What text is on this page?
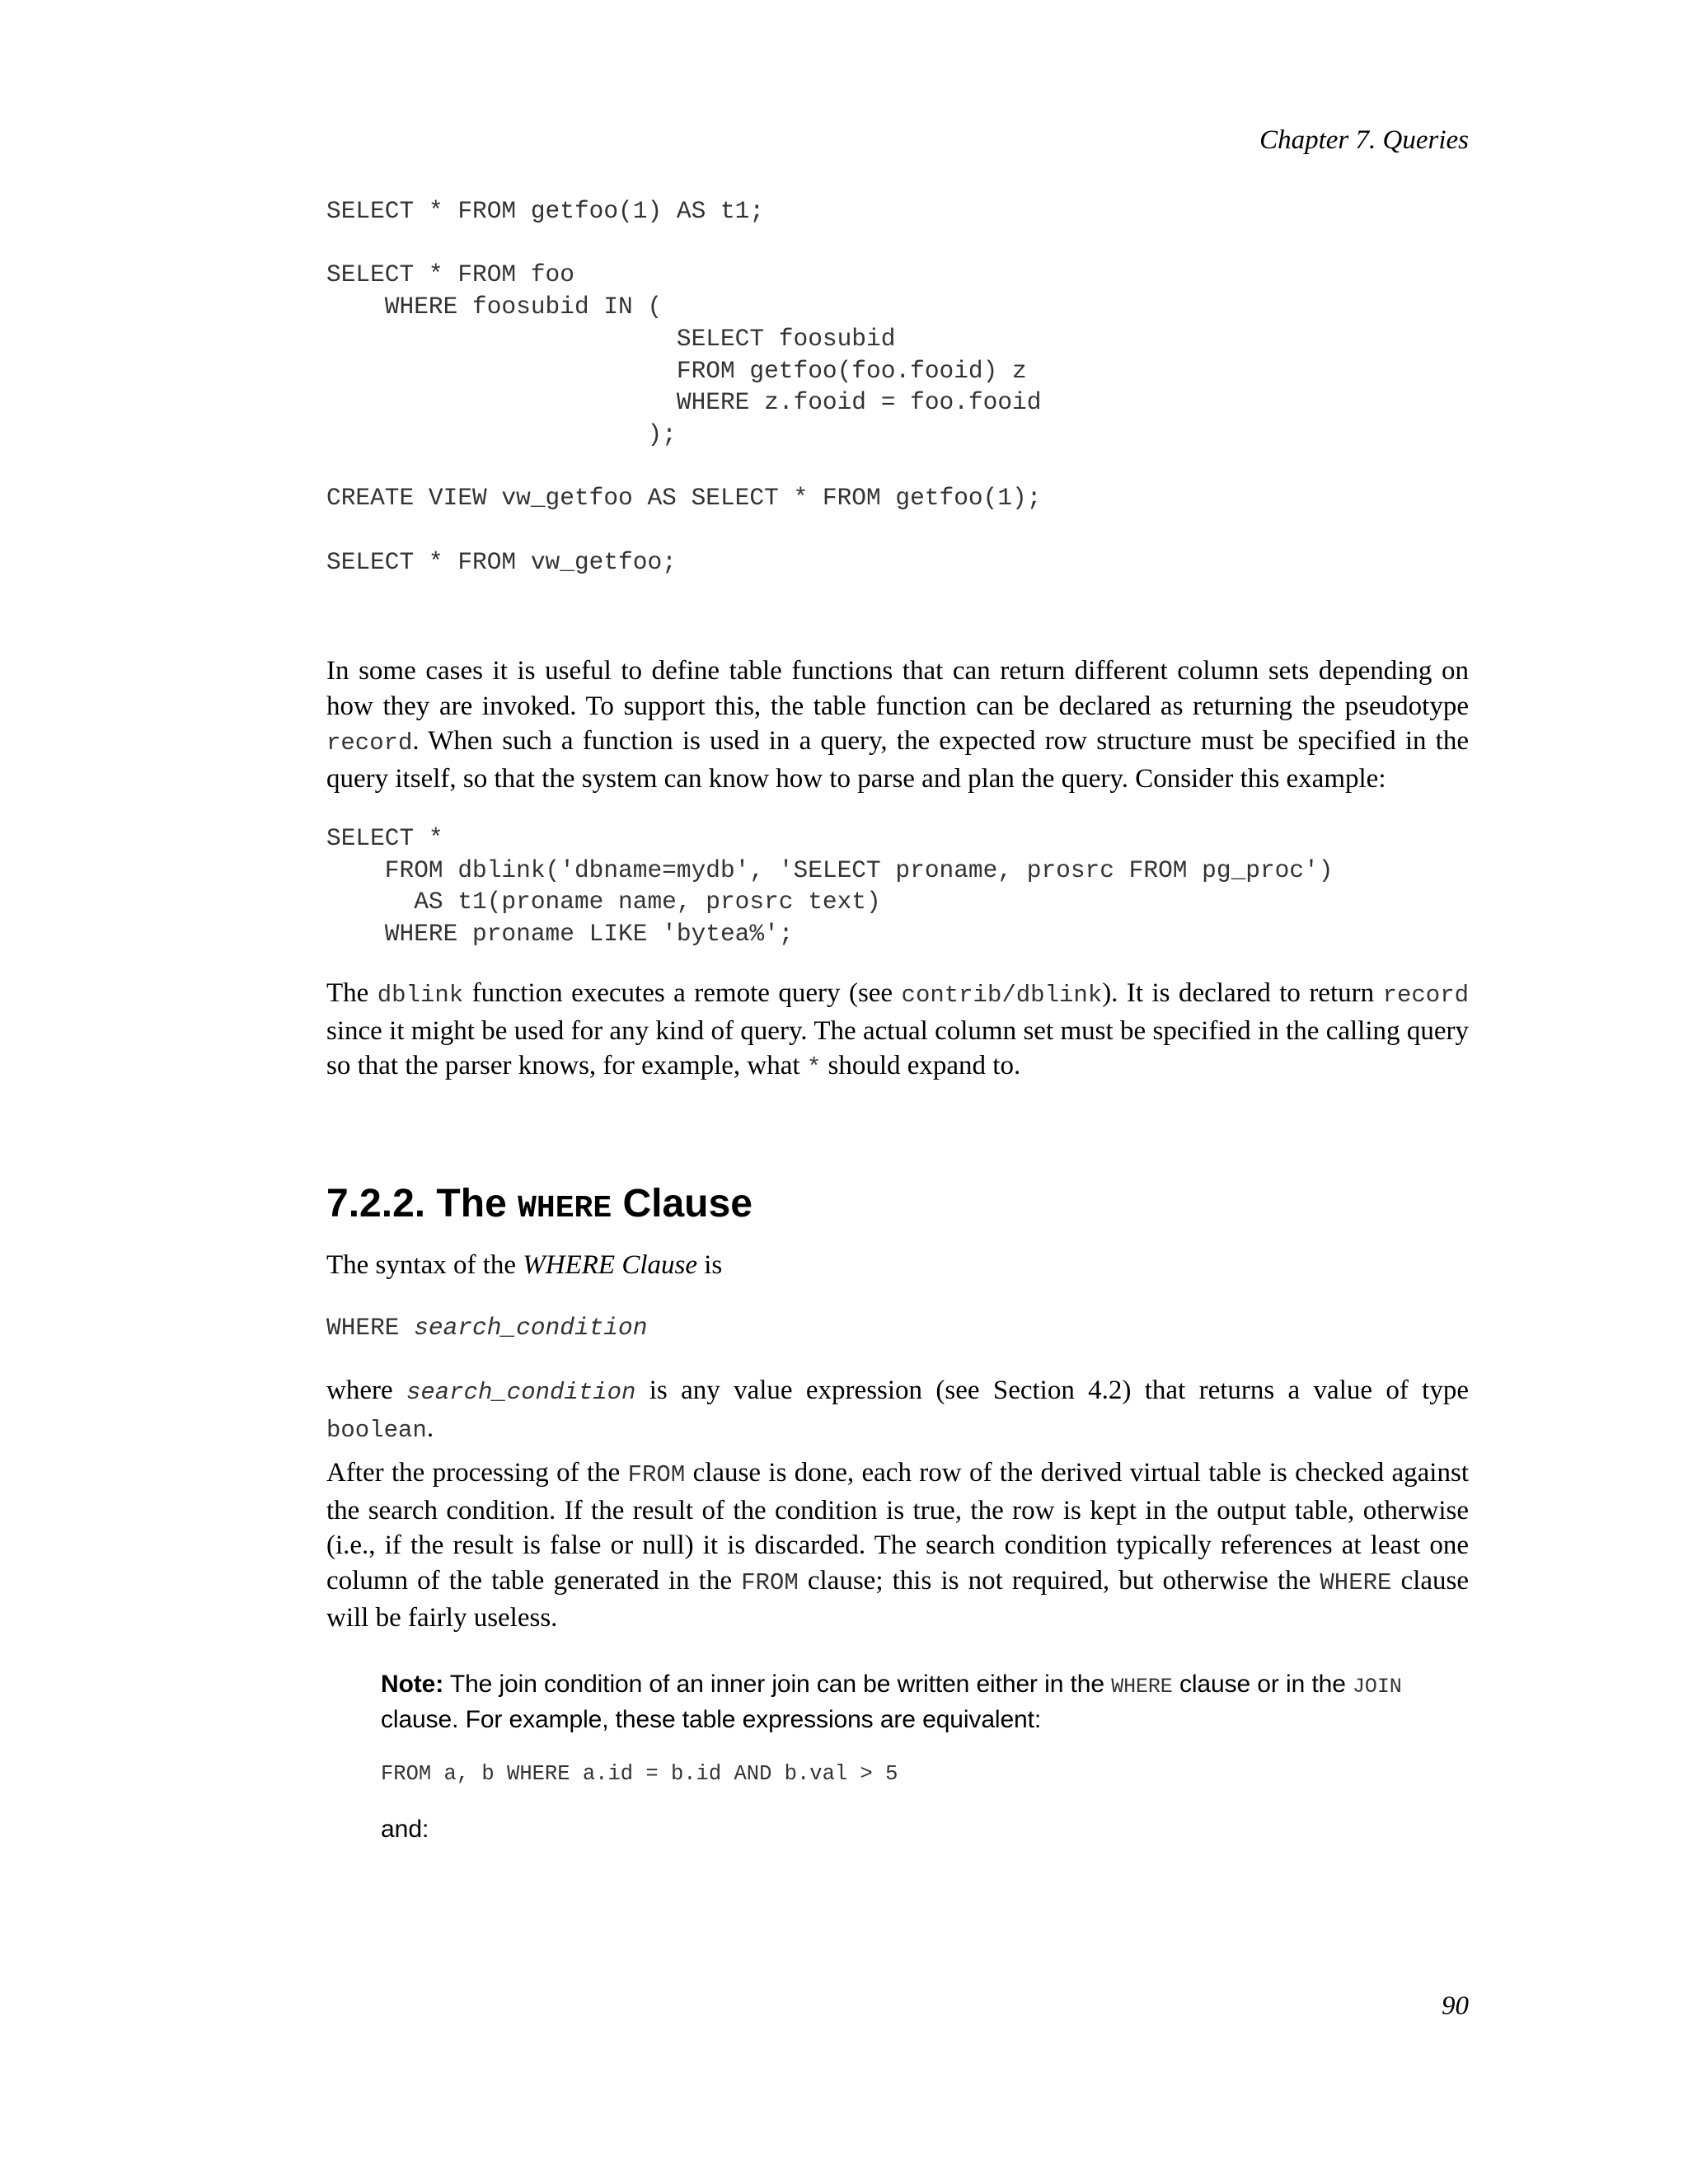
Chapter 7. Queries
SELECT * FROM getfoo(1) AS t1;

SELECT * FROM foo
WHERE foosubid IN (
SELECT foosubid
FROM getfoo(foo.fooid) z
WHERE z.fooid = foo.fooid
);

CREATE VIEW vw_getfoo AS SELECT * FROM getfoo(1);

SELECT * FROM vw_getfoo;

In some cases it is useful to define table functions that can return different column sets depending on how they are invoked. To support this, the table function can be declared as returning the pseudotype record. When such a function is used in a query, the expected row structure must be specified in the query itself, so that the system can know how to parse and plan the query. Consider this example:

SELECT *
FROM dblink('dbname=mydb', 'SELECT proname, prosrc FROM pg_proc')
AS t1(proname name, prosrc text)
WHERE proname LIKE 'bytea%';

The dblink function executes a remote query (see contrib/dblink). It is declared to return record since it might be used for any kind of query. The actual column set must be specified in the calling query so that the parser knows, for example, what * should expand to.

7.2.2. The WHERE Clause

The syntax of the WHERE Clause is

WHERE search_condition

where search_condition is any value expression (see Section 4.2) that returns a value of type boolean.

After the processing of the FROM clause is done, each row of the derived virtual table is checked against the search condition. If the result of the condition is true, the row is kept in the output table, otherwise (i.e., if the result is false or null) it is discarded. The search condition typically references at least one column of the table generated in the FROM clause; this is not required, but otherwise the WHERE clause will be fairly useless.

Note: The join condition of an inner join can be written either in the WHERE clause or in the JOIN clause. For example, these table expressions are equivalent:

FROM a, b WHERE a.id = b.id AND b.val > 5

and:

90
